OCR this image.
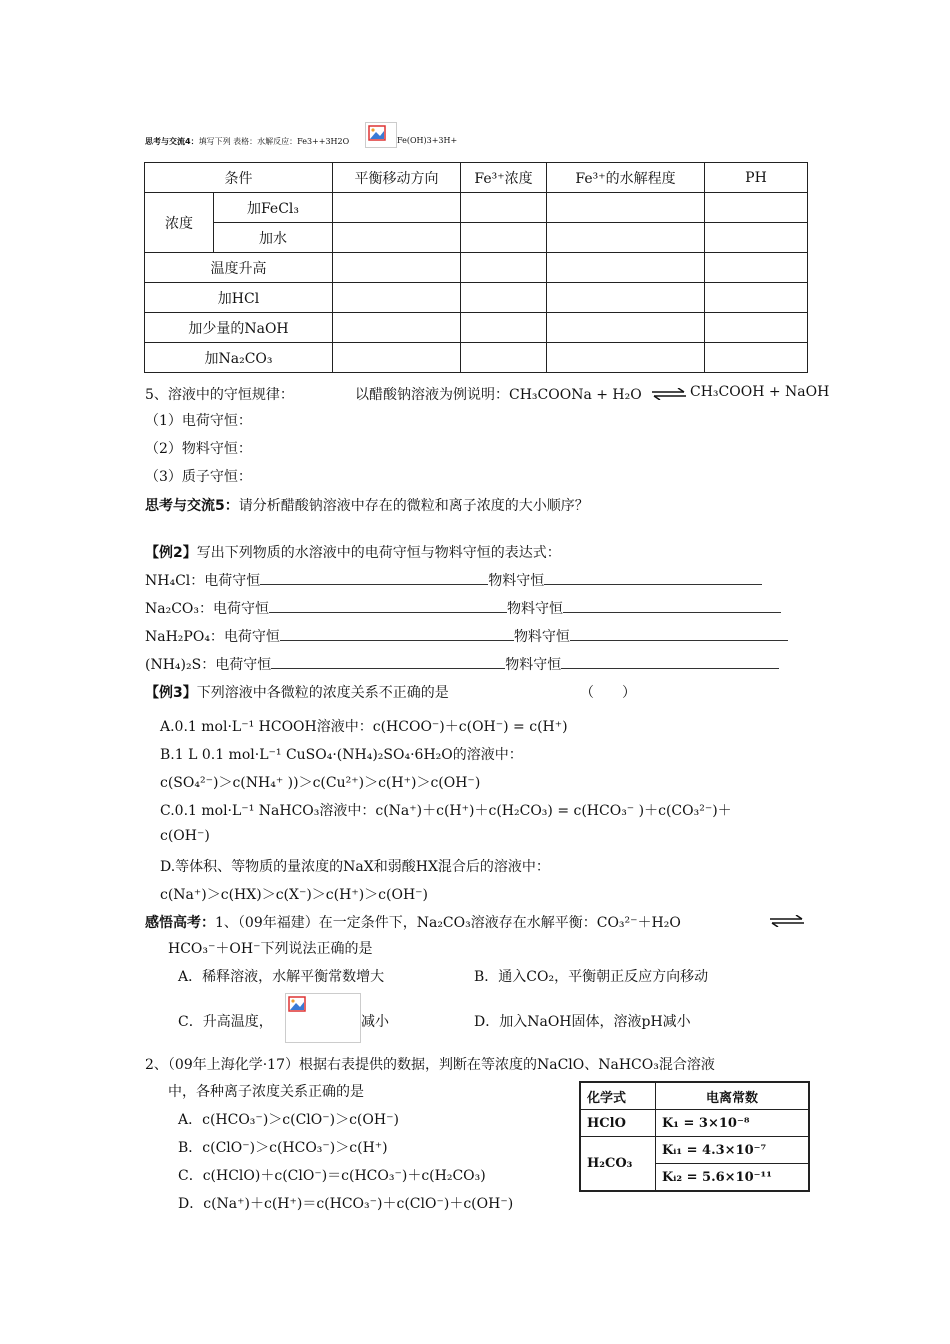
思考与交流4：填写下列 表格：水解反应：Fe3++3H2O	Fe(OH)3+3H+
条件		平衡移动方向	Fe³⁺浓度	Fe³⁺的水解程度	PH
浓度	加FeCl₃				
	加水				
温度升高					
加HCl					
加少量的NaOH					
加Na₂CO₃					
5、溶液中的守恒规律：	以醋酸钠溶液为例说明：CH₃COONa + H₂O ⇌ CH₃COOH + NaOH
（1）电荷守恒：
（2）物料守恒：
（3）质子守恒：
思考与交流5：请分析醋酸钠溶液中存在的微粒和离子浓度的大小顺序？
【例2】写出下列物质的水溶液中的电荷守恒与物料守恒的表达式：
NH₄Cl：电荷守恒	物料守恒
Na₂CO₃：电荷守恒	物料守恒
NaH₂PO₄：电荷守恒	物料守恒
(NH₄)₂S：电荷守恒	物料守恒
【例3】下列溶液中各微粒的浓度关系不正确的是	（　　）
A.0.1 mol·L⁻¹ HCOOH溶液中：c(HCOO⁻)＋c(OH⁻) = c(H⁺)
B.1 L 0.1 mol·L⁻¹ CuSO₄·(NH₄)₂SO₄·6H₂O的溶液中：
c(SO₄²⁻)＞c(NH₄⁺ ))＞c(Cu²⁺)＞c(H⁺)＞c(OH⁻)
C.0.1 mol·L⁻¹ NaHCO₃溶液中：c(Na⁺)＋c(H⁺)＋c(H₂CO₃) = c(HCO₃⁻ )＋c(CO₃²⁻)＋
c(OH⁻)
D.等体积、等物质的量浓度的NaX和弱酸HX混合后的溶液中：
c(Na⁺)＞c(HX)＞c(X⁻)＞c(H⁺)＞c(OH⁻)
感悟高考：1、（09年福建）在一定条件下，Na₂CO₃溶液存在水解平衡：CO₃²⁻＋H₂O
HCO₃⁻＋OH⁻下列说法正确的是
A．稀释溶液，水解平衡常数增大	B．通入CO₂，平衡朝正反应方向移动
C．升高温度，	减小	D．加入NaOH固体，溶液pH减小
2、（09年上海化学·17）根据右表提供的数据，判断在等浓度的NaClO、NaHCO₃混合溶液
中，各种离子浓度关系正确的是
A．c(HCO₃⁻)＞c(ClO⁻)＞c(OH⁻)
B．c(ClO⁻)＞c(HCO₃⁻)＞c(H⁺)
C．c(HClO)＋c(ClO⁻)＝c(HCO₃⁻)＋c(H₂CO₃)
D．c(Na⁺)＋c(H⁺)＝c(HCO₃⁻)＋c(ClO⁻)＋c(OH⁻)
化学式	电离常数
HClO	K₁ = 3×10⁻⁸
H₂CO₃	Kᵢ₁ = 4.3×10⁻⁷
	Kᵢ₂ = 5.6×10⁻¹¹
